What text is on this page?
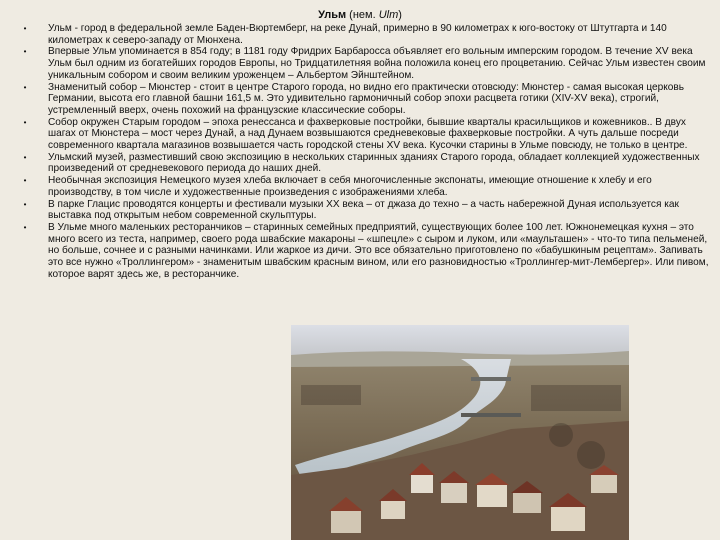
Ульм (нем. Ulm)
•	Ульм - город в федеральной земле Баден-Вюртемберг, на реке Дунай, примерно в 90 километрах к юго-востоку от Штутгарта и 140 километрах к северо-западу от Мюнхена.
•	Впервые Ульм упоминается в 854 году; в 1181 году Фридрих Барбаросса объявляет его вольным имперским городом. В течение XV века Ульм был одним из богатейших городов Европы, но Тридцатилетняя война положила конец его процветанию. Сейчас Ульм известен своим уникальным собором и своим великим уроженцем – Альбертом Эйнштейном.
•	Знаменитый собор – Мюнстер - стоит в центре Старого города, но видно его практически отовсюду: Мюнстер - самая высокая церковь Германии, высота его главной башни 161,5 м. Это удивительно гармоничный собор эпохи расцвета готики (XIV-XV века), строгий, устремленный вверх, очень похожий на французские классические соборы.
•	Собор окружен Старым городом – эпоха ренессанса и фахверковые постройки, бывшие кварталы красильщиков и кожевников.. В двух шагах от Мюнстера – мост через Дунай, а над Дунаем возвышаются средневековые фахверковые постройки. А чуть дальше посреди современного квартала магазинов возвышается часть городской стены XV века. Кусочки старины в Ульме повсюду, не только в центре.
•	Ульмский музей, разместивший свою экспозицию в нескольких старинных зданиях Старого города, обладает коллекцией художественных произведений от средневекового периода до наших дней.
•	Необычная экспозиция Немецкого музея хлеба включает в себя многочисленные экспонаты, имеющие отношение к хлебу и его производству, в том числе и художественные произведения с изображениями хлеба.
•	В парке Глацис проводятся концерты и фестивали музыки XX века – от джаза до техно – а часть набережной Дуная используется как выставка под открытым небом современной скульптуры.
•	В Ульме много маленьких ресторанчиков – старинных семейных предприятий, существующих более 100 лет. Южнонемецкая кухня – это много всего из теста, например, своего рода швабские макароны – «шпецле» с сыром и луком, или «маульташен» - что-то типа пельменей, но больше, сочнее и с разными начинками. Или жаркое из дичи. Это все обязательно приготовлено по «бабушкиным рецептам». Запивать это все нужно «Троллингером» - знаменитым швабским красным вином, или его разновидностью «Троллингер-мит-Лембергер». Или пивом, которое варят здесь же, в ресторанчике.
